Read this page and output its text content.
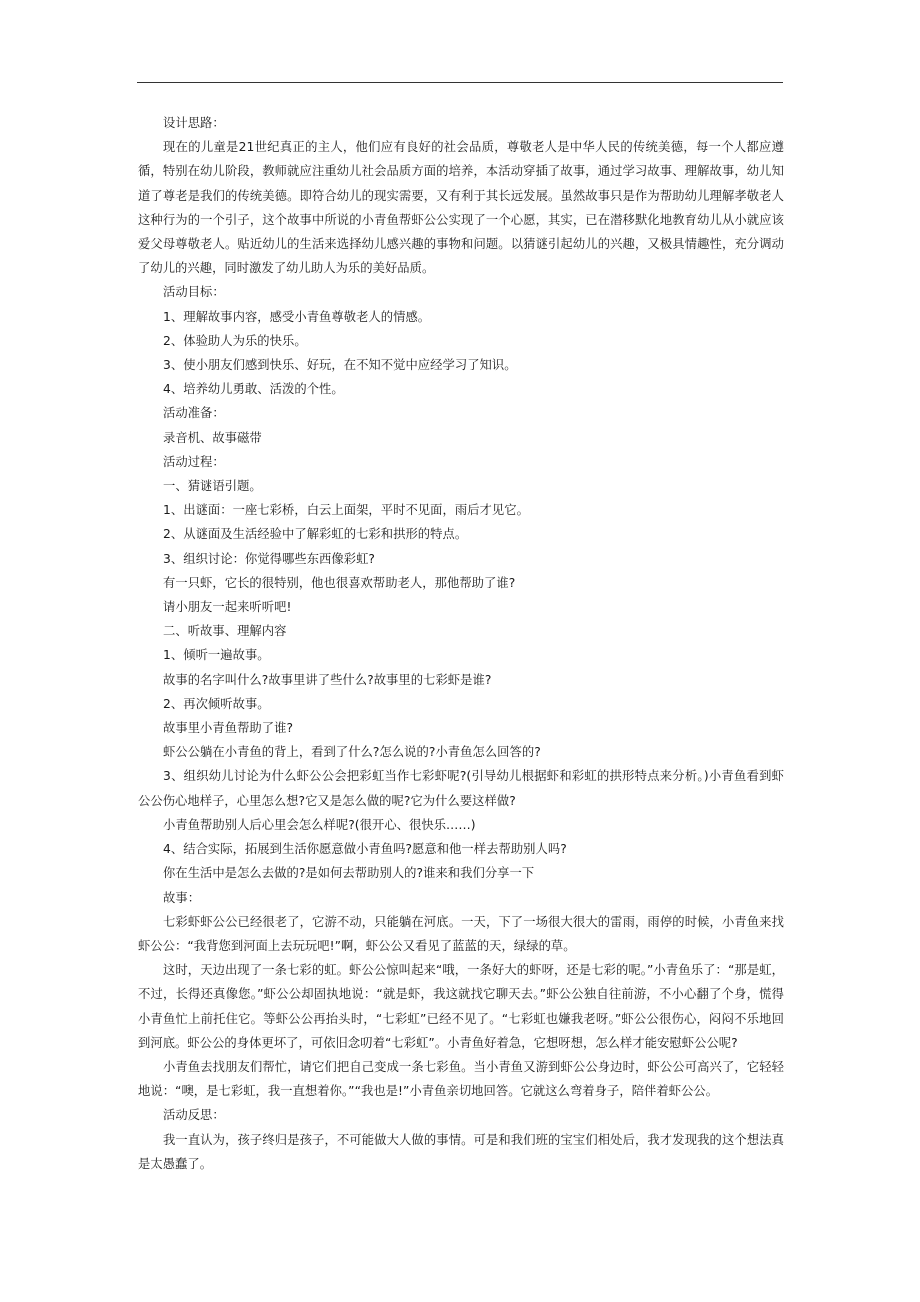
设计思路：

现在的儿童是21世纪真正的主人，他们应有良好的社会品质，尊敬老人是中华人民的传统美德，每一个人都应遵循，特别在幼儿阶段，教师就应注重幼儿社会品质方面的培养，本活动穿插了故事，通过学习故事、理解故事，幼儿知道了尊老是我们的传统美德。即符合幼儿的现实需要，又有利于其长远发展。虽然故事只是作为帮助幼儿理解孝敬老人这种行为的一个引子，这个故事中所说的小青鱼帮虾公公实现了一个心愿，其实，已在潜移默化地教育幼儿从小就应该爱父母尊敬老人。贴近幼儿的生活来选择幼儿感兴趣的事物和问题。以猜谜引起幼儿的兴趣，又极具情趣性，充分调动了幼儿的兴趣，同时激发了幼儿助人为乐的美好品质。

活动目标：

1、理解故事内容，感受小青鱼尊敬老人的情感。

2、体验助人为乐的快乐。

3、使小朋友们感到快乐、好玩，在不知不觉中应经学习了知识。

4、培养幼儿勇敢、活泼的个性。

活动准备：

录音机、故事磁带

活动过程：

一、猜谜语引题。

1、出谜面：一座七彩桥，白云上面架，平时不见面，雨后才见它。

2、从谜面及生活经验中了解彩虹的七彩和拱形的特点。

3、组织讨论：你觉得哪些东西像彩虹?

有一只虾，它长的很特别，他也很喜欢帮助老人，那他帮助了谁?

请小朋友一起来听听吧!

二、听故事、理解内容

1、倾听一遍故事。

故事的名字叫什么?故事里讲了些什么?故事里的七彩虾是谁?

2、再次倾听故事。

故事里小青鱼帮助了谁?

虾公公躺在小青鱼的背上，看到了什么?怎么说的?小青鱼怎么回答的?

3、组织幼儿讨论为什么虾公公会把彩虹当作七彩虾呢?(引导幼儿根据虾和彩虹的拱形特点来分析。)小青鱼看到虾公公伤心地样子，心里怎么想?它又是怎么做的呢?它为什么要这样做?

小青鱼帮助别人后心里会怎么样呢?(很开心、很快乐……)

4、结合实际，拓展到生活你愿意做小青鱼吗?愿意和他一样去帮助别人吗?

你在生活中是怎么去做的?是如何去帮助别人的?谁来和我们分享一下

故事：

七彩虾虾公公已经很老了，它游不动，只能躺在河底。一天，下了一场很大很大的雷雨，雨停的时候，小青鱼来找虾公公：“我背您到河面上去玩玩吧!”啊，虾公公又看见了蓝蓝的天，绿绿的草。

这时，天边出现了一条七彩的虹。虾公公惊叫起来“哦，一条好大的虾呀，还是七彩的呢。”小青鱼乐了：“那是虹，不过，长得还真像您。”虾公公却固执地说：“就是虾，我这就找它聊天去。”虾公公独自往前游，不小心翻了个身，慌得小青鱼忙上前托住它。等虾公公再抬头时，“七彩虹”已经不见了。“七彩虹也嫌我老呀。”虾公公很伤心，闷闷不乐地回到河底。虾公公的身体更坏了，可依旧念叨着“七彩虹”。小青鱼好着急，它想呀想，怎么样才能安慰虾公公呢?

小青鱼去找朋友们帮忙，请它们把自己变成一条七彩鱼。当小青鱼又游到虾公公身边时，虾公公可高兴了，它轻轻地说：“噢，是七彩虹，我一直想着你。”“我也是!”小青鱼亲切地回答。它就这么弯着身子，陪伴着虾公公。

活动反思：

我一直认为，孩子终归是孩子，不可能做大人做的事情。可是和我们班的宝宝们相处后，我才发现我的这个想法真是太愚蠢了。
